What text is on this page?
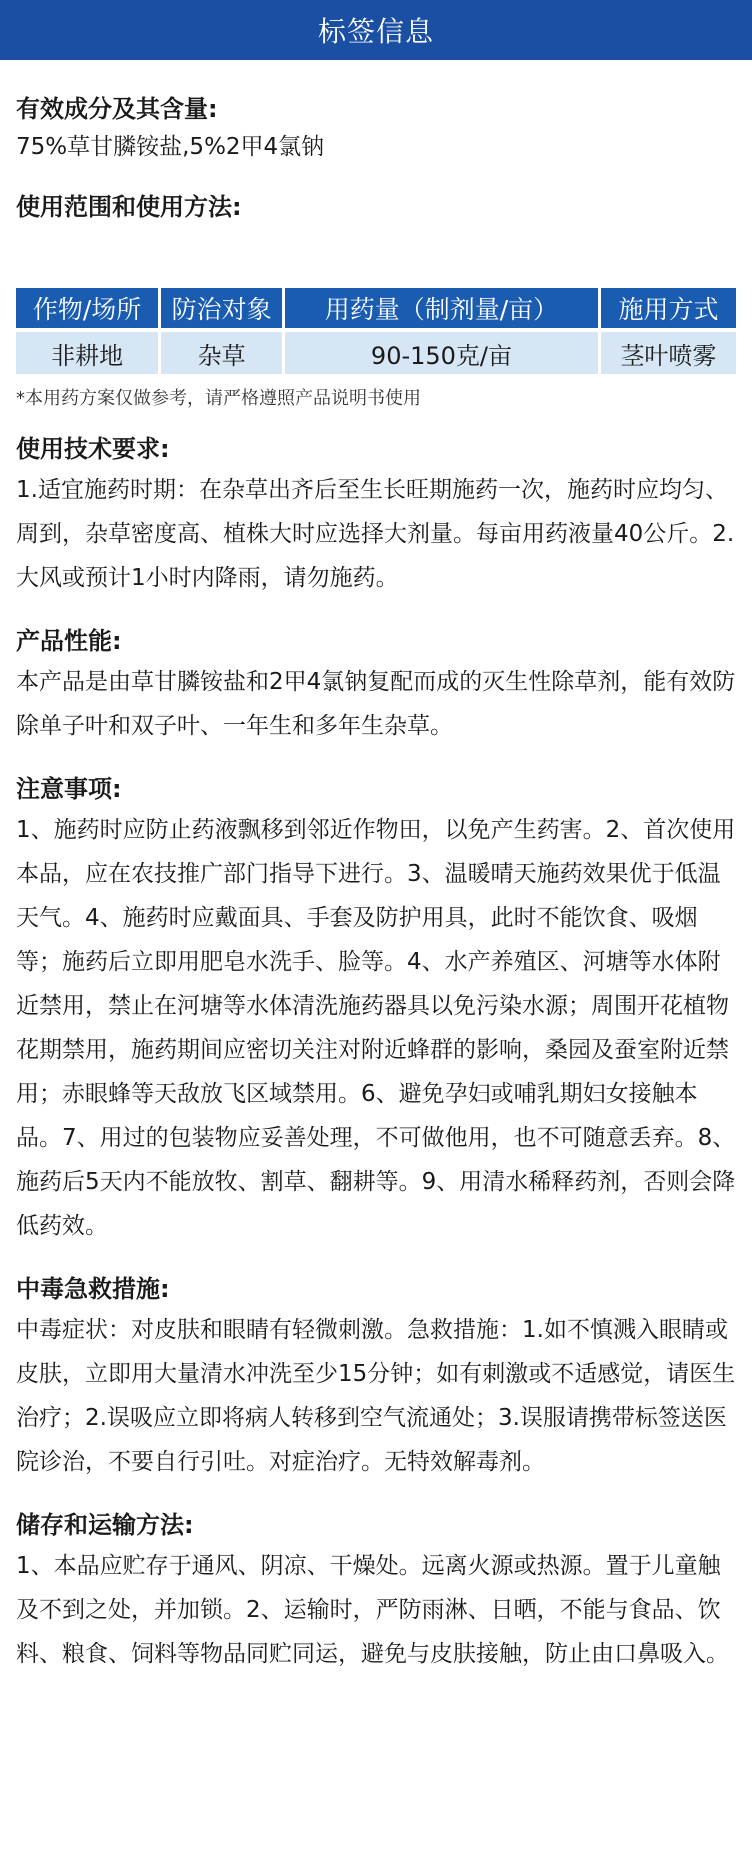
标签信息
有效成分及其含量:
75%草甘膦铵盐,5%2甲4氯钠
使用范围和使用方法:
作物/场所	防治对象	用药量（制剂量/亩）	施用方式
非耕地	杂草	90-150克/亩	茎叶喷雾
*本用药方案仅做参考，请严格遵照产品说明书使用
使用技术要求:
1.适宜施药时期：在杂草出齐后至生长旺期施药一次，施药时应均匀、周到，杂草密度高、植株大时应选择大剂量。每亩用药液量40公斤。2.大风或预计1小时内降雨，请勿施药。
产品性能:
本产品是由草甘膦铵盐和2甲4氯钠复配而成的灭生性除草剂，能有效防除单子叶和双子叶、一年生和多年生杂草。
注意事项:
1、施药时应防止药液飘移到邻近作物田，以免产生药害。2、首次使用本品，应在农技推广部门指导下进行。3、温暖晴天施药效果优于低温天气。4、施药时应戴面具、手套及防护用具，此时不能饮食、吸烟等；施药后立即用肥皂水洗手、脸等。4、水产养殖区、河塘等水体附近禁用，禁止在河塘等水体清洗施药器具以免污染水源；周围开花植物花期禁用，施药期间应密切关注对附近蜂群的影响，桑园及蚕室附近禁用；赤眼蜂等天敌放飞区域禁用。6、避免孕妇或哺乳期妇女接触本品。7、用过的包装物应妥善处理，不可做他用，也不可随意丢弃。8、施药后5天内不能放牧、割草、翻耕等。9、用清水稀释药剂，否则会降低药效。
中毒急救措施:
中毒症状：对皮肤和眼睛有轻微刺激。急救措施：1.如不慎溅入眼睛或皮肤，立即用大量清水冲洗至少15分钟；如有刺激或不适感觉，请医生治疗；2.误吸应立即将病人转移到空气流通处；3.误服请携带标签送医院诊治，不要自行引吐。对症治疗。无特效解毒剂。
储存和运输方法:
1、本品应贮存于通风、阴凉、干燥处。远离火源或热源。置于儿童触及不到之处，并加锁。2、运输时，严防雨淋、日晒，不能与食品、饮料、粮食、饲料等物品同贮同运，避免与皮肤接触，防止由口鼻吸入。
